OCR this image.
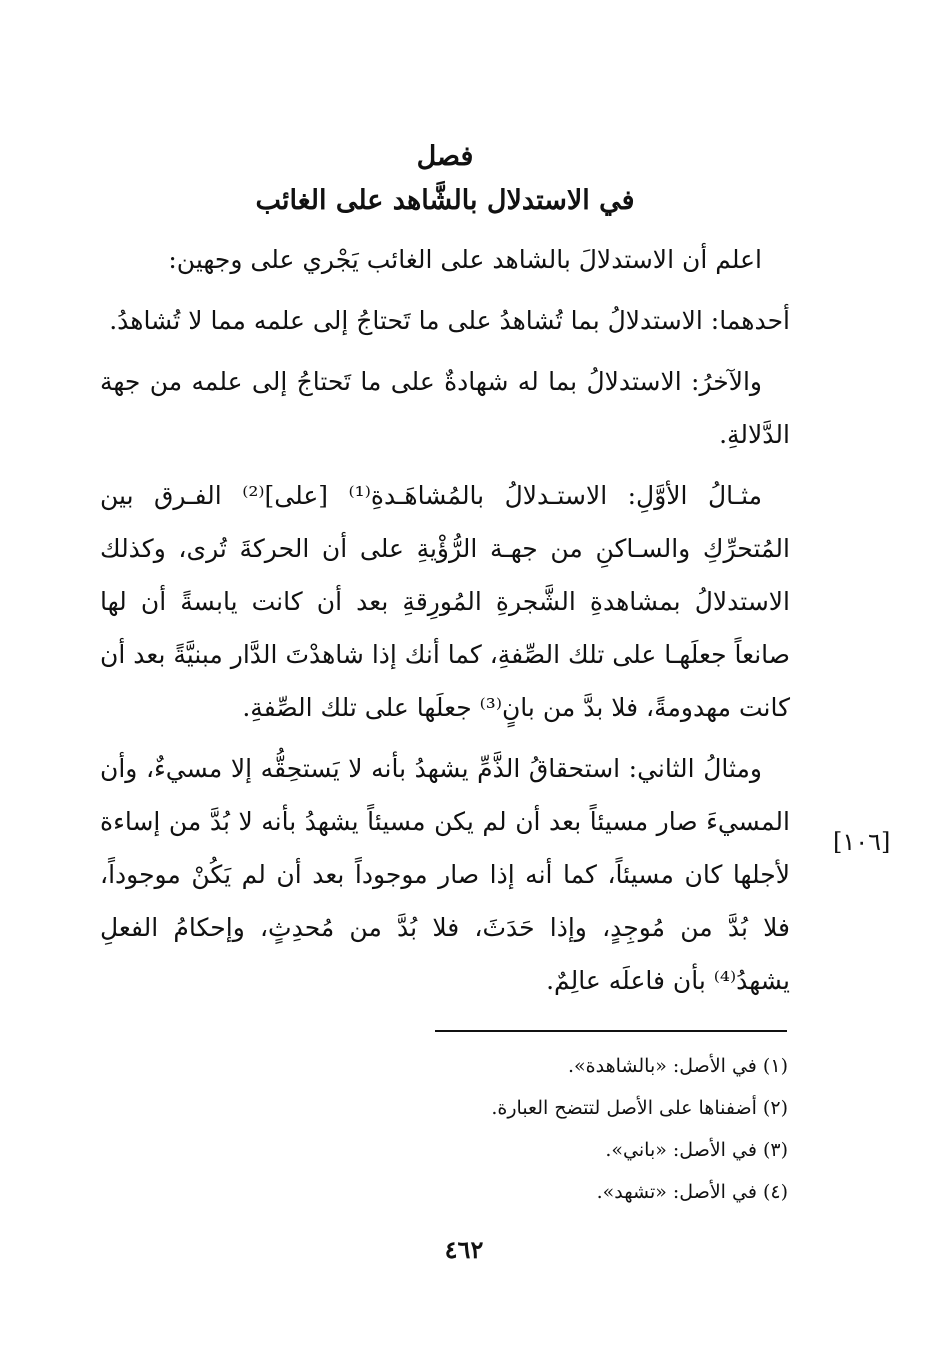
فصل
في الاستدلال بالشَّاهد على الغائب

اعلم أن الاستدلالَ بالشاهد على الغائب يَجْري على وجهين:

أحدهما: الاستدلالُ بما تُشاهدُ على ما تَحتاجُ إلى علمه مما لا تُشاهدُ.

والآخرُ: الاستدلالُ بما له شهادةٌ على ما تَحتاجُ إلى علمه من جهة الدَّلالةِ.

مثـالُ الأوَّلِ: الاستـدلالُ بالمُشاهَـدةِ⁽¹⁾ [على]⁽²⁾ الفـرق بين المُتحرِّكِ والسـاكنِ من جهـة الرُّؤْيةِ على أن الحركةَ تُرى، وكذلك الاستدلالُ بمشاهدةِ الشَّجرةِ المُورِقةِ بعد أن كانت يابسةً أن لها صانعاً جعلَهـا على تلك الصِّفةِ، كما أنك إذا شاهدْتَ الدَّار مبنيَّةً بعد أن كانت مهدومةً، فلا بدَّ من بانٍ⁽³⁾ جعلَها على تلك الصِّفةِ.

ومثالُ الثاني: استحقاقُ الذَّمِّ يشهدُ بأنه لا يَستحِقُّه إلا مسيءٌ، وأن المسيءَ صار مسيئاً بعد أن لم يكن مسيئاً يشهدُ بأنه لا بُدَّ من إساءة لأجلها كان مسيئاً، كما أنه إذا صار موجوداً بعد أن لم يَكُنْ موجوداً، فلا بُدَّ من مُوجِدٍ، وإذا حَدَثَ، فلا بُدَّ من مُحدِثٍ، وإحكامُ الفعلِ يشهدُ⁽⁴⁾ بأن فاعلَه عالِمٌ.

[١٠٦]

(١) في الأصل: «بالشاهدة».

(٢) أضفناها على الأصل لتتضح العبارة.

(٣) في الأصل: «باني».

(٤) في الأصل: «تشهد».

٤٦٢
